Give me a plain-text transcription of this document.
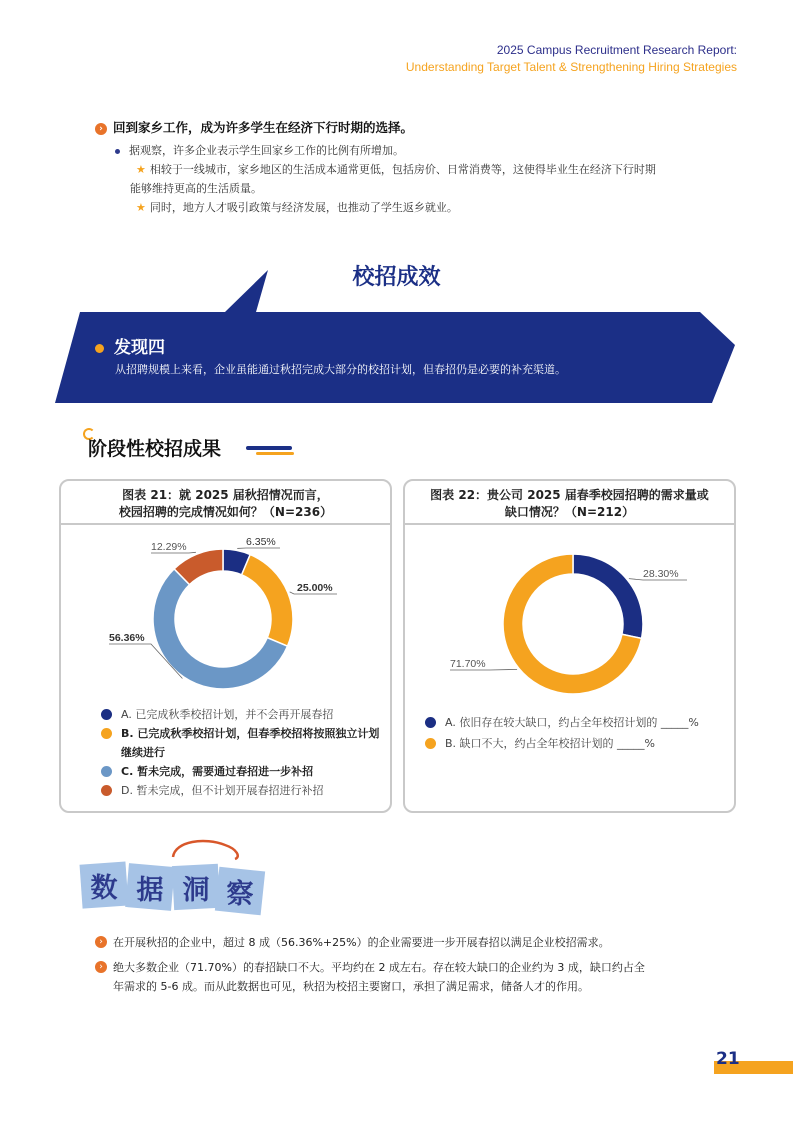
2025 Campus Recruitment Research Report:
Understanding Target Talent & Strengthening Hiring Strategies
› 回到家乡工作，成为许多学生在经济下行时期的选择。
据观察，许多企业表示学生回家乡工作的比例有所增加。
★ 相较于一线城市，家乡地区的生活成本通常更低，包括房价、日常消费等，这使得毕业生在经济下行时期
能够维持更高的生活质量。
★ 同时，地方人才吸引政策与经济发展，也推动了学生返乡就业。
校招成效
发现四
从招聘规模上来看，企业虽能通过秋招完成大部分的校招计划，但春招仍是必要的补充渠道。
阶段性校招成果
图表 21：就 2025 届秋招情况而言，
校园招聘的完成情况如何？（N=236）
6.35%
25.00%
56.36%
12.29%
A. 已完成秋季校招计划，并不会再开展春招
B. 已完成秋季校招计划，但春季校招将按照独立计划继续进行
C. 暂未完成，需要通过春招进一步补招
D. 暂未完成，但不计划开展春招进行补招
图表 22：贵公司 2025 届春季校园招聘的需求量或
缺口情况？（N=212）
28.30%
71.70%
A. 依旧存在较大缺口，约占全年校招计划的 _____%
B. 缺口不大，约占全年校招计划的 _____%
数 据 洞 察
› 在开展秋招的企业中，超过 8 成（56.36%+25%）的企业需要进一步开展春招以满足企业校招需求。
› 绝大多数企业（71.70%）的春招缺口不大。平均约在 2 成左右。存在较大缺口的企业约为 3 成，缺口约占全
年需求的 5-6 成。而从此数据也可见，秋招为校招主要窗口，承担了满足需求，储备人才的作用。
21
